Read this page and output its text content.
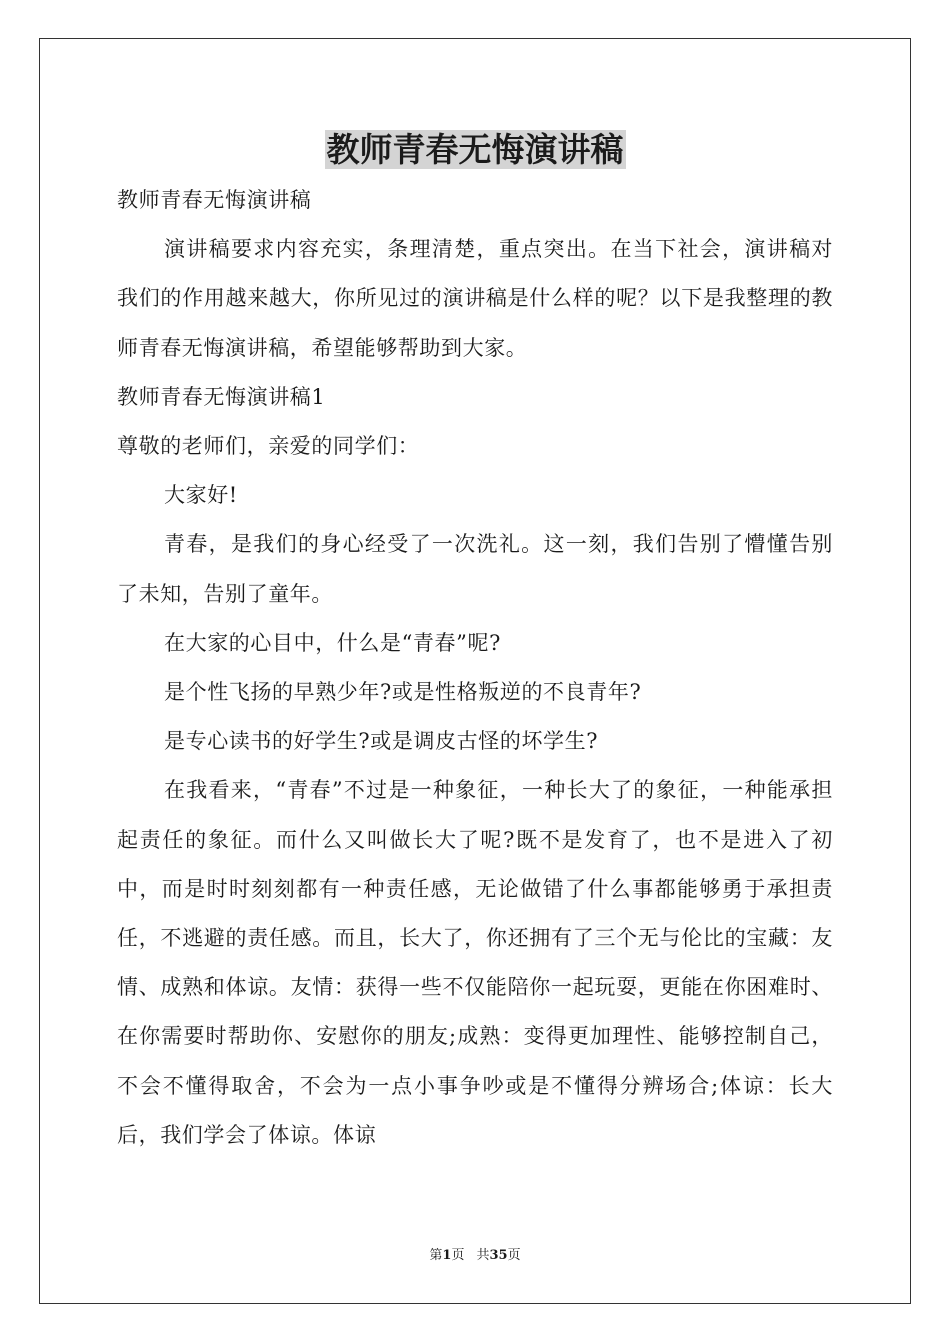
教师青春无悔演讲稿

教师青春无悔演讲稿

演讲稿要求内容充实，条理清楚，重点突出。在当下社会，演讲稿对我们的作用越来越大，你所见过的演讲稿是什么样的呢？以下是我整理的教师青春无悔演讲稿，希望能够帮助到大家。

教师青春无悔演讲稿1

尊敬的老师们，亲爱的同学们：

大家好!

青春，是我们的身心经受了一次洗礼。这一刻，我们告别了懵懂告别了未知，告别了童年。

在大家的心目中，什么是“青春”呢?

是个性飞扬的早熟少年?或是性格叛逆的不良青年?

是专心读书的好学生?或是调皮古怪的坏学生?

在我看来，“青春”不过是一种象征，一种长大了的象征，一种能承担起责任的象征。而什么又叫做长大了呢?既不是发育了，也不是进入了初中，而是时时刻刻都有一种责任感，无论做错了什么事都能够勇于承担责任，不逃避的责任感。而且，长大了，你还拥有了三个无与伦比的宝藏：友情、成熟和体谅。友情：获得一些不仅能陪你一起玩耍，更能在你困难时、在你需要时帮助你、安慰你的朋友;成熟：变得更加理性、能够控制自己，不会不懂得取舍，不会为一点小事争吵或是不懂得分辨场合;体谅：长大后，我们学会了体谅。体谅

第1页 共35页
